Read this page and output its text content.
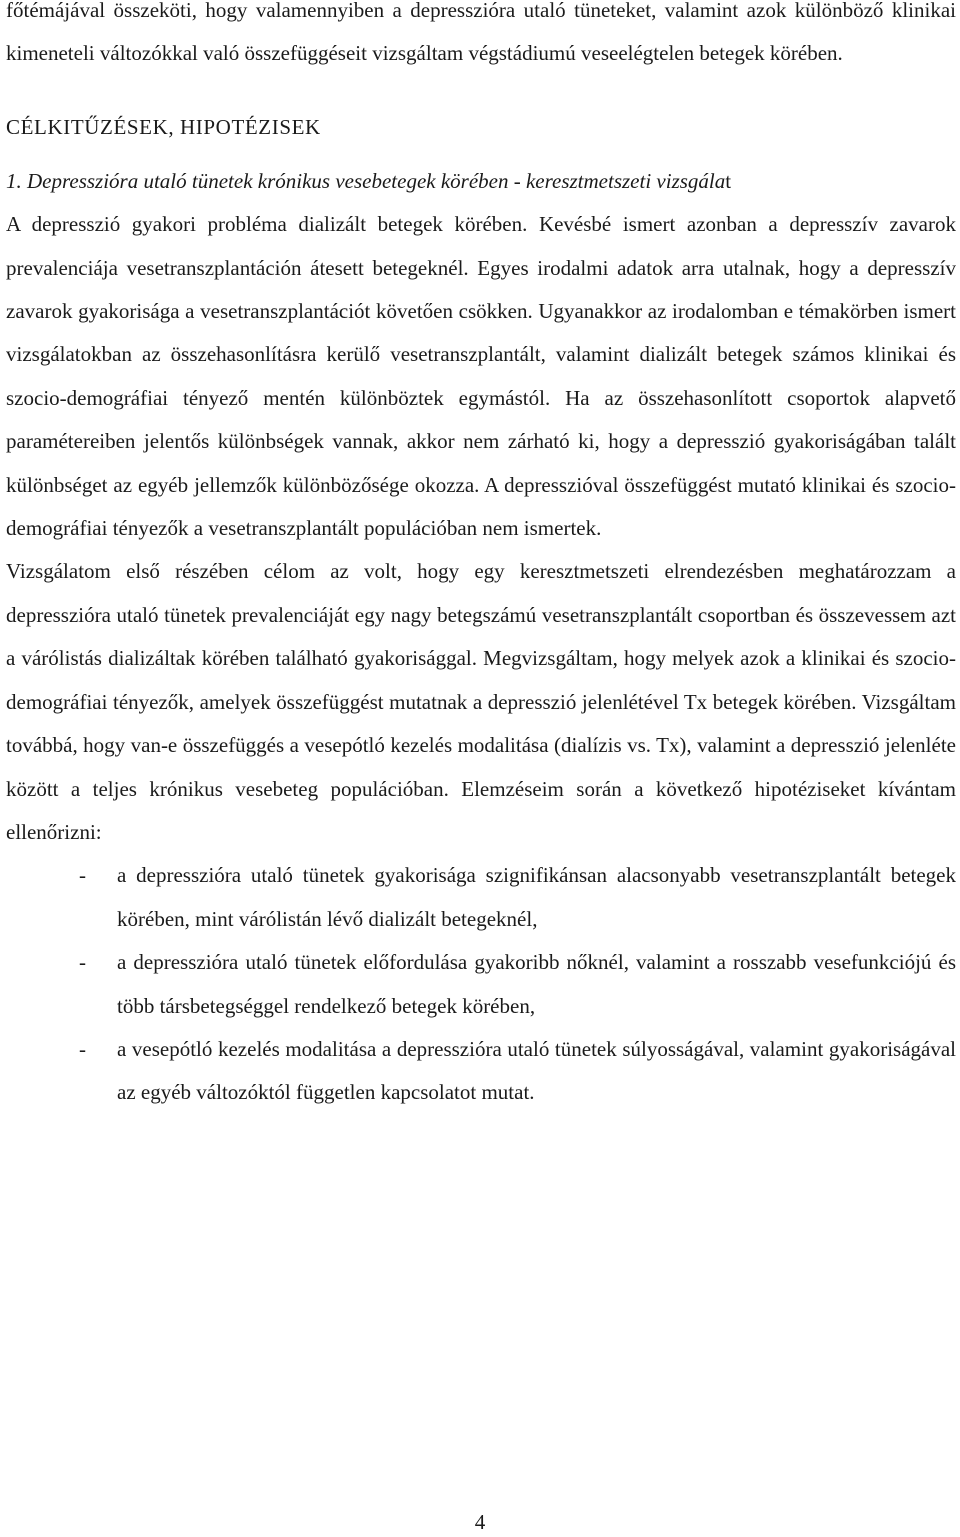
főtémájával összeköti, hogy valamennyiben a depresszióra utaló tüneteket, valamint azok különböző klinikai kimeneteli változókkal való összefüggéseit vizsgáltam végstádiumú veseelégtelen betegek körében.

CÉLKITŰZÉSEK, HIPOTÉZISEK
1. Depresszióra utaló tünetek krónikus vesebetegek körében - keresztmetszeti vizsgálat

A depresszió gyakori probléma dializált betegek körében. Kevésbé ismert azonban a depresszív zavarok prevalenciája vesetranszplantáción átesett betegeknél. Egyes irodalmi adatok arra utalnak, hogy a depresszív zavarok gyakorisága a vesetranszplantációt követően csökken. Ugyanakkor az irodalomban e témakörben ismert vizsgálatokban az összehasonlításra kerülő vesetranszplantált, valamint dializált betegek számos klinikai és szocio-demográfiai tényező mentén különböztek egymástól. Ha az összehasonlított csoportok alapvető paramétereiben jelentős különbségek vannak, akkor nem zárható ki, hogy a depresszió gyakoriságában talált különbséget az egyéb jellemzők különbözősége okozza. A depresszióval összefüggést mutató klinikai és szocio-demográfiai tényezők a vesetranszplantált populációban nem ismertek.

Vizsgálatom első részében célom az volt, hogy egy keresztmetszeti elrendezésben meghatározzam a depresszióra utaló tünetek prevalenciáját egy nagy betegszámú vesetranszplantált csoportban és összevessem azt a várólistás dializáltak körében található gyakorisággal. Megvizsgáltam, hogy melyek azok a klinikai és szocio- demográfiai tényezők, amelyek összefüggést mutatnak a depresszió jelenlétével Tx betegek körében. Vizsgáltam továbbá, hogy van-e összefüggés a vesepótló kezelés modalitása (dialízis vs. Tx), valamint a depresszió jelenléte között a teljes krónikus vesebeteg populációban. Elemzéseim során a következő hipotéziseket kívántam ellenőrizni:

- a depresszióra utaló tünetek gyakorisága szignifikánsan alacsonyabb vesetranszplantált betegek körében, mint várólistán lévő dializált betegeknél,
- a depresszióra utaló tünetek előfordulása gyakoribb nőknél, valamint a rosszabb vesefunkciójú és több társbetegséggel rendelkező betegek körében,
- a vesepótló kezelés modalitása a depresszióra utaló tünetek súlyosságával, valamint gyakoriságával az egyéb változóktól független kapcsolatot mutat.
4
